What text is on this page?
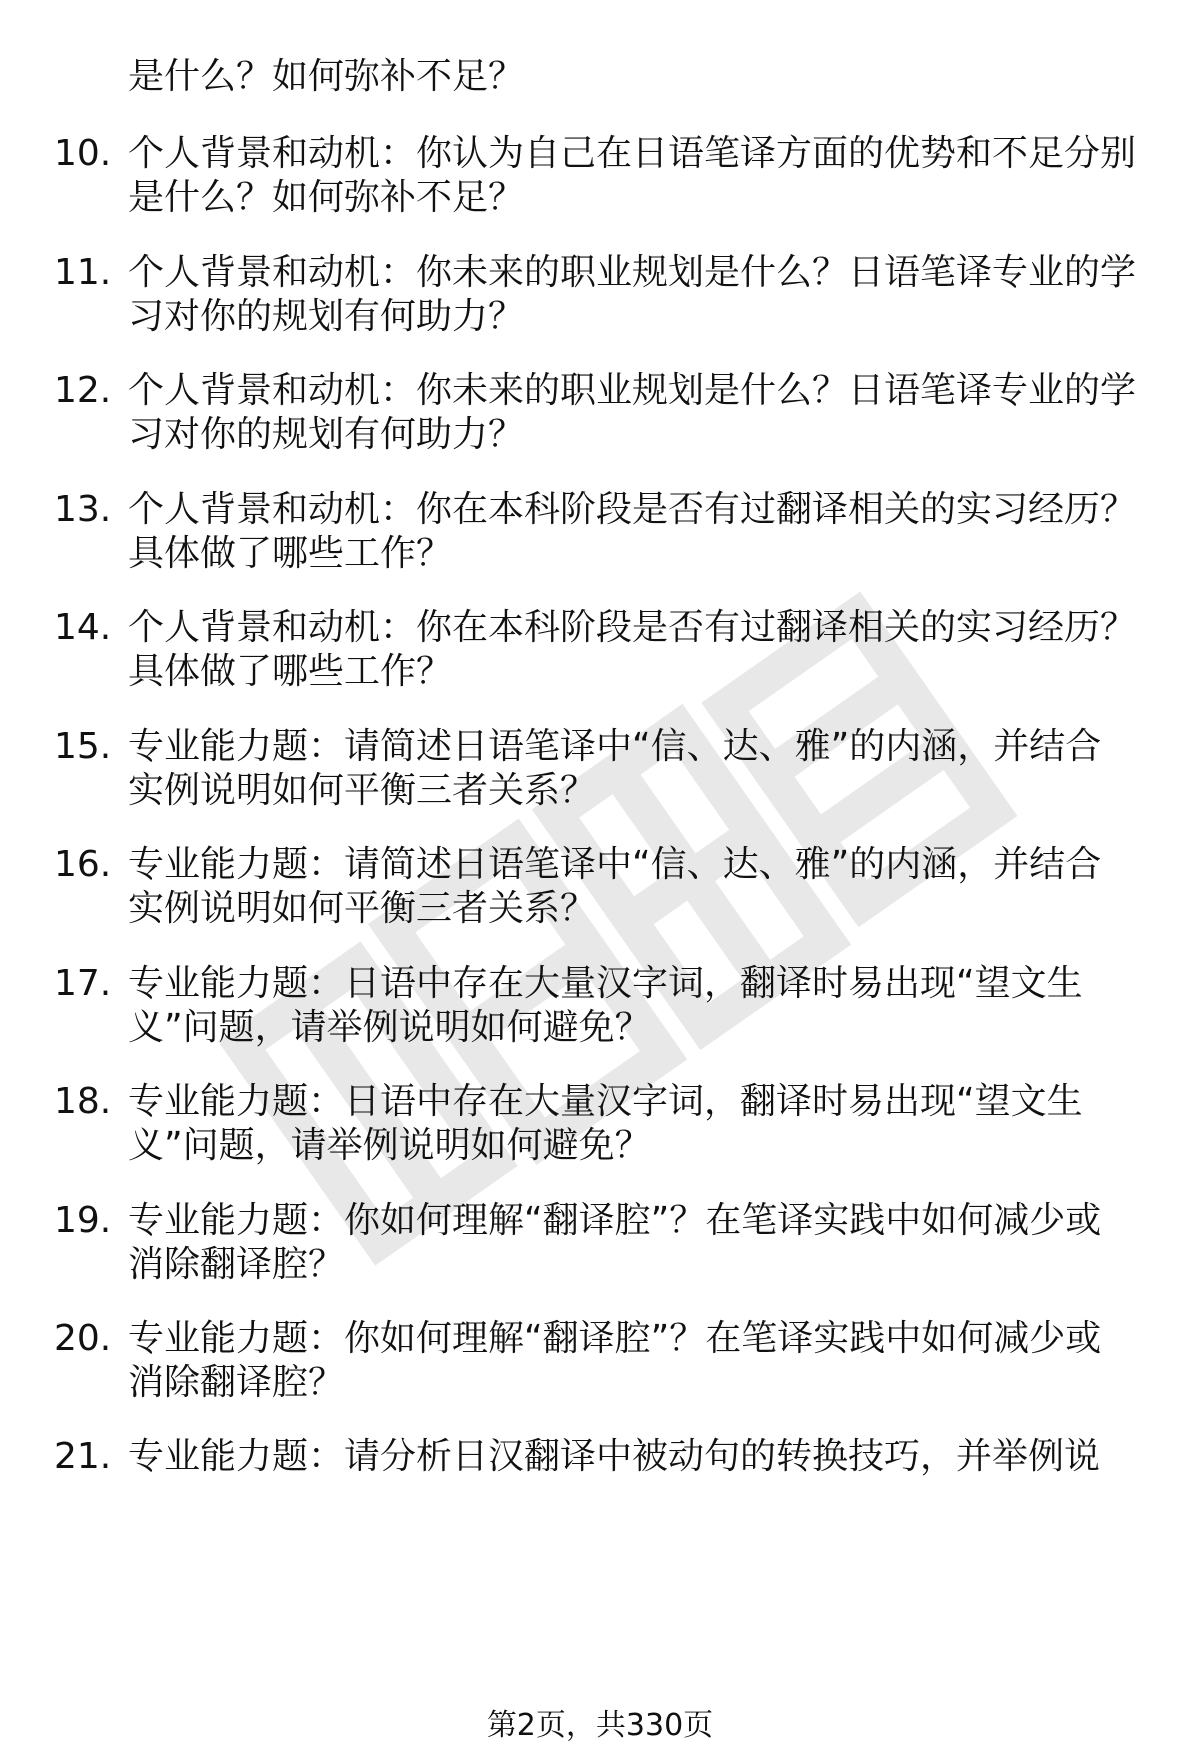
是什么？如何弥补不足？
10. 个人背景和动机：你认为自己在日语笔译方面的优势和不足分别
是什么？如何弥补不足？
11. 个人背景和动机：你未来的职业规划是什么？日语笔译专业的学
习对你的规划有何助力？
12. 个人背景和动机：你未来的职业规划是什么？日语笔译专业的学
习对你的规划有何助力？
13. 个人背景和动机：你在本科阶段是否有过翻译相关的实习经历？
具体做了哪些工作？
14. 个人背景和动机：你在本科阶段是否有过翻译相关的实习经历？
具体做了哪些工作？
15. 专业能力题：请简述日语笔译中“信、达、雅”的内涵，并结合
实例说明如何平衡三者关系？
16. 专业能力题：请简述日语笔译中“信、达、雅”的内涵，并结合
实例说明如何平衡三者关系？
17. 专业能力题：日语中存在大量汉字词，翻译时易出现“望文生
义”问题，请举例说明如何避免？
18. 专业能力题：日语中存在大量汉字词，翻译时易出现“望文生
义”问题，请举例说明如何避免？
19. 专业能力题：你如何理解“翻译腔”？在笔译实践中如何减少或
消除翻译腔？
20. 专业能力题：你如何理解“翻译腔”？在笔译实践中如何减少或
消除翻译腔？
21. 专业能力题：请分析日汉翻译中被动句的转换技巧，并举例说
第2页，共330页
